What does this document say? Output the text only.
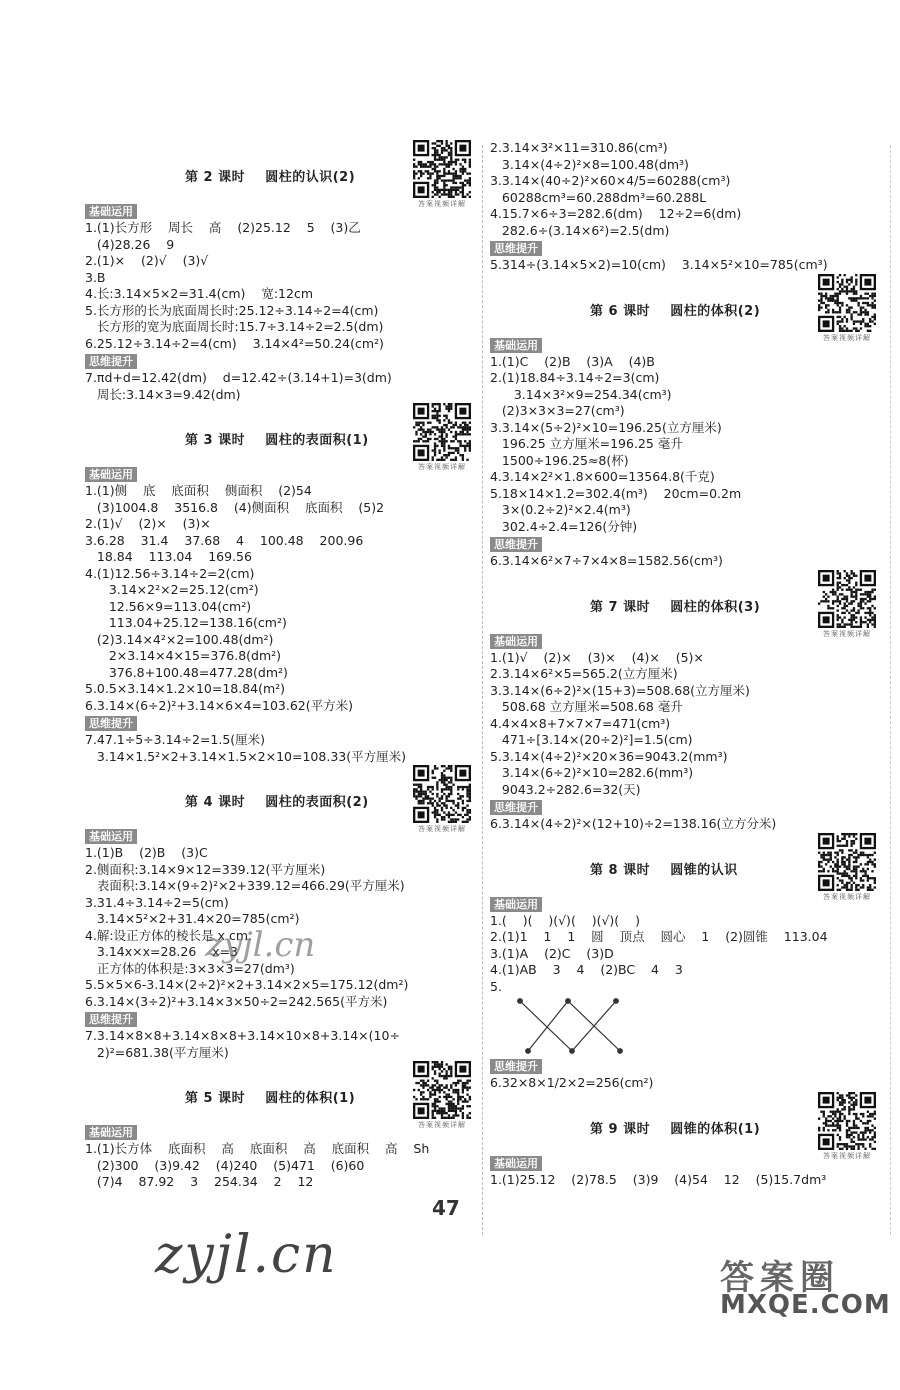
第 2 课时    圆柱的认识(2)
答案视频详解
基础运用
1.(1)长方形    周长    高    (2)25.12    5    (3)乙
(4)28.26    9
2.(1)×    (2)√    (3)√
3.B
4.长:3.14×5×2=31.4(cm)    宽:12cm
5.长方形的长为底面周长时:25.12÷3.14÷2=4(cm)
长方形的宽为底面周长时:15.7÷3.14÷2=2.5(dm)
6.25.12÷3.14÷2=4(cm)    3.14×4²=50.24(cm²)
思维提升
7.πd+d=12.42(dm)    d=12.42÷(3.14+1)=3(dm)
周长:3.14×3=9.42(dm)
第 3 课时    圆柱的表面积(1)
答案视频详解
基础运用
1.(1)侧    底    底面积    侧面积    (2)54
(3)1004.8    3516.8    (4)侧面积    底面积    (5)2
2.(1)√    (2)×    (3)×
3.6.28    31.4    37.68    4    100.48    200.96
18.84    113.04    169.56
4.(1)12.56÷3.14÷2=2(cm)
3.14×2²×2=25.12(cm²)
12.56×9=113.04(cm²)
113.04+25.12=138.16(cm²)
(2)3.14×4²×2=100.48(dm²)
2×3.14×4×15=376.8(dm²)
376.8+100.48=477.28(dm²)
5.0.5×3.14×1.2×10=18.84(m²)
6.3.14×(6÷2)²+3.14×6×4=103.62(平方米)
思维提升
7.47.1÷5÷3.14÷2=1.5(厘米)
3.14×1.5²×2+3.14×1.5×2×10=108.33(平方厘米)
第 4 课时    圆柱的表面积(2)
答案视频详解
基础运用
1.(1)B    (2)B    (3)C
2.侧面积:3.14×9×12=339.12(平方厘米)
表面积:3.14×(9÷2)²×2+339.12=466.29(平方厘米)
3.31.4÷3.14÷2=5(cm)
3.14×5²×2+31.4×20=785(cm²)
4.解:设正方体的棱长是 x cm.
3.14x×x=28.26    x=3
正方体的体积是:3×3×3=27(dm³)
5.5×5×6-3.14×(2÷2)²×2+3.14×2×5=175.12(dm²)
6.3.14×(3÷2)²+3.14×3×50÷2=242.565(平方米)
思维提升
7.3.14×8×8+3.14×8×8+3.14×10×8+3.14×(10÷
2)²=681.38(平方厘米)
第 5 课时    圆柱的体积(1)
答案视频详解
基础运用
1.(1)长方体    底面积    高    底面积    高    底面积    高    Sh
(2)300    (3)9.42    (4)240    (5)471    (6)60
(7)4    87.92    3    254.34    2    12
2.3.14×3²×11=310.86(cm³)
3.14×(4÷2)²×8=100.48(dm³)
3.3.14×(40÷2)²×60×4/5=60288(cm³)
60288cm³=60.288dm³=60.288L
4.15.7×6÷3=282.6(dm)    12÷2=6(dm)
282.6÷(3.14×6²)=2.5(dm)
思维提升
5.314÷(3.14×5×2)=10(cm)    3.14×5²×10=785(cm³)
第 6 课时    圆柱的体积(2)
答案视频详解
基础运用
1.(1)C    (2)B    (3)A    (4)B
2.(1)18.84÷3.14÷2=3(cm)
3.14×3²×9=254.34(cm³)
(2)3×3×3=27(cm³)
3.3.14×(5÷2)²×10=196.25(立方厘米)
196.25 立方厘米=196.25 毫升
1500÷196.25≈8(杯)
4.3.14×2²×1.8×600=13564.8(千克)
5.18×14×1.2=302.4(m³)    20cm=0.2m
3×(0.2÷2)²×2.4(m³)
302.4÷2.4=126(分钟)
思维提升
6.3.14×6²×7÷7×4×8=1582.56(cm³)
第 7 课时    圆柱的体积(3)
答案视频详解
基础运用
1.(1)√    (2)×    (3)×    (4)×    (5)×
2.3.14×6²×5=565.2(立方厘米)
3.3.14×(6÷2)²×(15+3)=508.68(立方厘米)
508.68 立方厘米=508.68 毫升
4.4×4×8+7×7×7=471(cm³)
471÷[3.14×(20÷2)²]=1.5(cm)
5.3.14×(4÷2)²×20×36=9043.2(mm³)
3.14×(6÷2)²×10=282.6(mm³)
9043.2÷282.6=32(天)
思维提升
6.3.14×(4÷2)²×(12+10)÷2=138.16(立方分米)
第 8 课时    圆锥的认识
答案视频详解
基础运用
1.(    )(    )(√)(    )(√)(    )
2.(1)1    1    1    圆    顶点    圆心    1    (2)圆锥    113.04
3.(1)A    (2)C    (3)D
4.(1)AB    3    4    (2)BC    4    3
5.
思维提升
6.32×8×1/2×2=256(cm²)
第 9 课时    圆锥的体积(1)
答案视频详解
基础运用
1.(1)25.12    (2)78.5    (3)9    (4)54    12    (5)15.7dm³
47
zyjl.cn
zyjl.cn	答案圈
MXQE.COM
